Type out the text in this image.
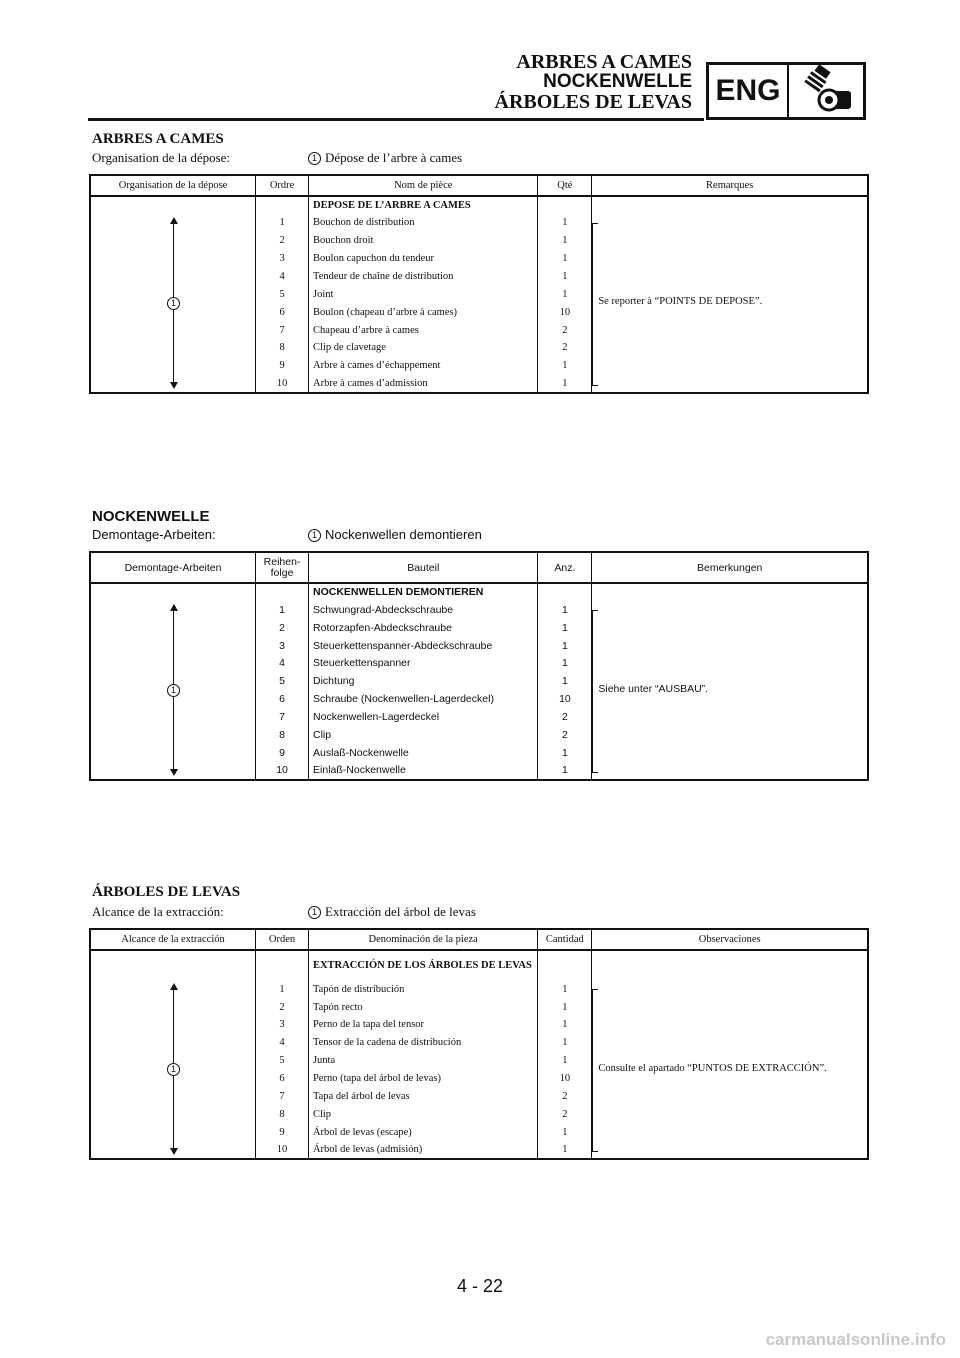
ARBRES A CAMES
NOCKENWELLE
ÁRBOLES DE LEVAS ENG
ARBRES A CAMES
Organisation de la dépose:	1 Dépose de l’arbre à cames
Organisation de la dépose	Ordre	Nom de pièce	Qté	Remarques

1		DEPOSE DE L’ARBRE A CAMES		Se reporter à “POINTS DE DEPOSE”.

	1	Bouchon de distribution	1	
	2	Bouchon droit	1	
	3	Boulon capuchon du tendeur	1	
	4	Tendeur de chaîne de distribution	1	
	5	Joint	1	
	6	Boulon (chapeau d’arbre à cames)	10	
	7	Chapeau d’arbre à cames	2	
	8	Clip de clavetage	2	
	9	Arbre à cames d’échappement	1	
	10	Arbre à cames d’admission	1	
NOCKENWELLE
Demontage-Arbeiten:	1 Nockenwellen demontieren
Demontage-Arbeiten	Reihen-folge	Bauteil	Anz.	Bemerkungen

1		NOCKENWELLEN DEMONTIEREN		Siehe unter “AUSBAU”.

	1	Schwungrad-Abdeckschraube	1	
	2	Rotorzapfen-Abdeckschraube	1	
	3	Steuerkettenspanner-Abdeckschraube	1	
	4	Steuerkettenspanner	1	
	5	Dichtung	1	
	6	Schraube (Nockenwellen-Lagerdeckel)	10	
	7	Nockenwellen-Lagerdeckel	2	
	8	Clip	2	
	9	Auslaß-Nockenwelle	1	
	10	Einlaß-Nockenwelle	1	
ÁRBOLES DE LEVAS
Alcance de la extracción:	1 Extracción del árbol de levas
Alcance de la extracción	Orden	Denominación de la pieza	Cantidad	Observaciones

1		EXTRACCIÓN DE LOS ÁRBOLES DE LEVAS		Consulte el apartado “PUNTOS DE EXTRACCIÓN”.

	1	Tapón de distribución	1	
	2	Tapón recto	1	
	3	Perno de la tapa del tensor	1	
	4	Tensor de la cadena de distribución	1	
	5	Junta	1	
	6	Perno (tapa del árbol de levas)	10	
	7	Tapa del árbol de levas	2	
	8	Clip	2	
	9	Árbol de levas (escape)	1	
	10	Árbol de levas (admisión)	1	
4 - 22
carmanualsonline.info
